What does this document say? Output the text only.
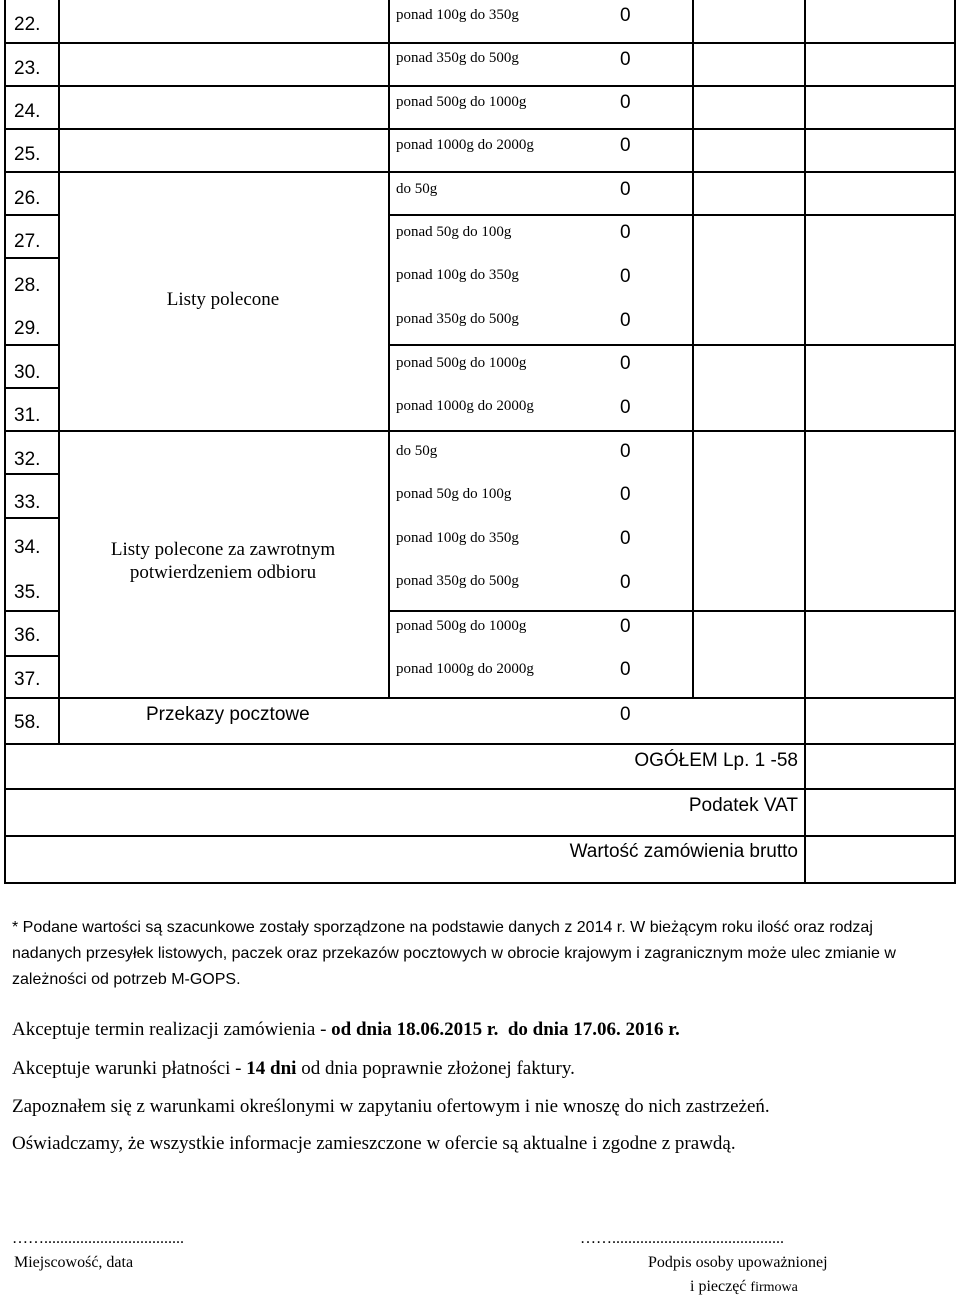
22.
23.
24.
25.
26.
27.
28.
29.
30.
31.
32.
33.
34.
35.
36.
37.
58.
Listy polecone
Listy polecone za zawrotnym potwierdzeniem odbioru
Przekazy pocztowe
ponad 100g do 350g
ponad 350g do 500g
ponad 500g do 1000g
ponad 1000g do 2000g
do 50g
ponad 50g do 100g
ponad 100g do 350g
ponad 350g do 500g
ponad 500g do 1000g
ponad 1000g do 2000g
do 50g
ponad 50g do 100g
ponad 100g do 350g
ponad 350g do 500g
ponad 500g do 1000g
ponad 1000g do 2000g
0
0
0
0
0
0
0
0
0
0
0
0
0
0
0
0
0
OGÓŁEM Lp. 1 -58
Podatek VAT
Wartość zamówienia brutto
* Podane wartości są szacunkowe zostały sporządzone na podstawie danych z 2014 r. W bieżącym roku ilość oraz rodzaj nadanych przesyłek listowych, paczek oraz przekazów pocztowych w obrocie krajowym i zagranicznym może ulec zmianie w zależności od potrzeb M-GOPS.
Akceptuje termin realizacji zamówienia - od dnia 18.06.2015 r. do dnia 17.06. 2016 r.
Akceptuje warunki płatności - 14 dni od dnia poprawnie złożonej faktury.
Zapoznałem się z warunkami określonymi w zapytaniu ofertowym i nie wnoszę do nich zastrzeżeń.
Oświadczamy, że wszystkie informacje zamieszczone w ofercie są aktualne i zgodne z prawdą.
……...................................
Miejscowość, data
……...........................................
Podpis osoby upoważnionej
i pieczęć firmowa
